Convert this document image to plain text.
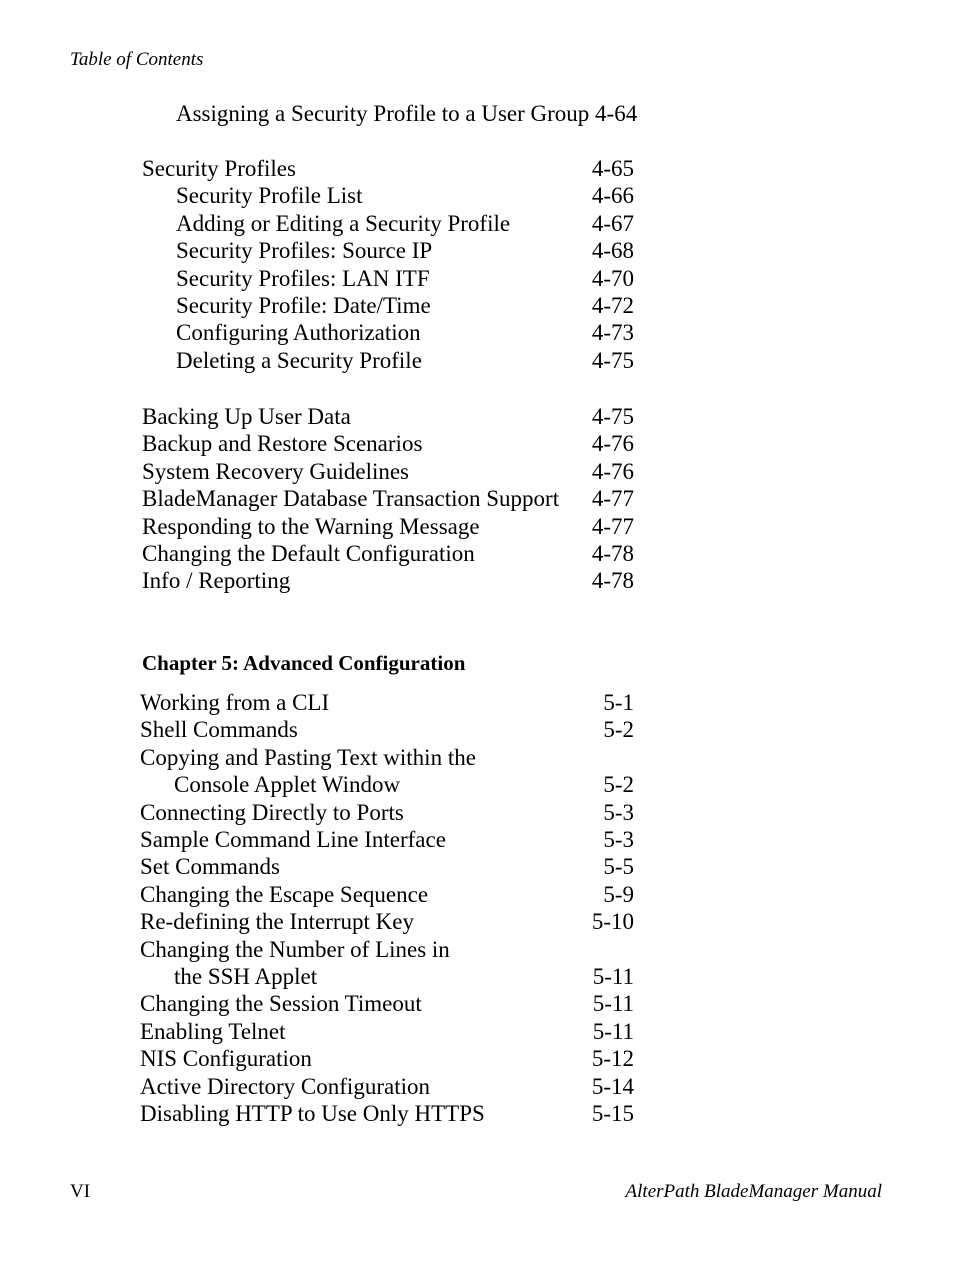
Table of Contents
Assigning a Security Profile to a User Group 4-64
Security Profiles	4-65
Security Profile List	4-66
Adding or Editing a Security Profile	4-67
Security Profiles: Source IP	4-68
Security Profiles: LAN ITF	4-70
Security Profile: Date/Time	4-72
Configuring Authorization	4-73
Deleting a Security Profile	4-75
Backing Up User Data	4-75
Backup and Restore Scenarios	4-76
System Recovery Guidelines	4-76
BladeManager Database Transaction Support	4-77
Responding to the Warning Message	4-77
Changing the Default Configuration	4-78
Info / Reporting	4-78
Chapter 5: Advanced Configuration
Working from a CLI	5-1
Shell Commands	5-2
Copying and Pasting Text within the
Console Applet Window	5-2
Connecting Directly to Ports	5-3
Sample Command Line Interface	5-3
Set Commands	5-5
Changing the Escape Sequence	5-9
Re-defining the Interrupt Key	5-10
Changing the Number of Lines in
the SSH Applet	5-11
Changing the Session Timeout	5-11
Enabling Telnet	5-11
NIS Configuration	5-12
Active Directory Configuration	5-14
Disabling HTTP to Use Only HTTPS	5-15
VI	AlterPath BladeManager Manual
